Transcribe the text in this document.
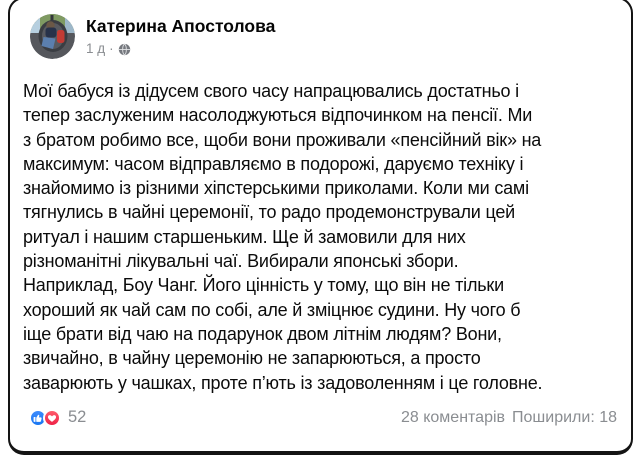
Катерина Апостолова
1 д ·
Мої бабуся із дідусем свого часу напрацювались достатньо і
тепер заслуженим насолоджуються відпочинком на пенсії. Ми
з братом робимо все, щоби вони проживали «пенсійний вік» на
максимум: часом відправляємо в подорожі, даруємо техніку і
знайомимо із різними хіпстерськими приколами. Коли ми самі
тягнулись в чайні церемонії, то радо продемонстрували цей
ритуал і нашим старшеньким. Ще й замовили для них
різноманітні лікувальні чаї. Вибирали японські збори.
Наприклад, Боу Чанг. Його цінність у тому, що він не тільки
хороший як чай сам по собі, але й зміцнює судини. Ну чого б
іще брати від чаю на подарунок двом літнім людям? Вони,
звичайно, в чайну церемонію не запарюються, а просто
заварюють у чашках, проте п’ють із задоволенням і це головне.
52	28 коментарів Поширили: 18
